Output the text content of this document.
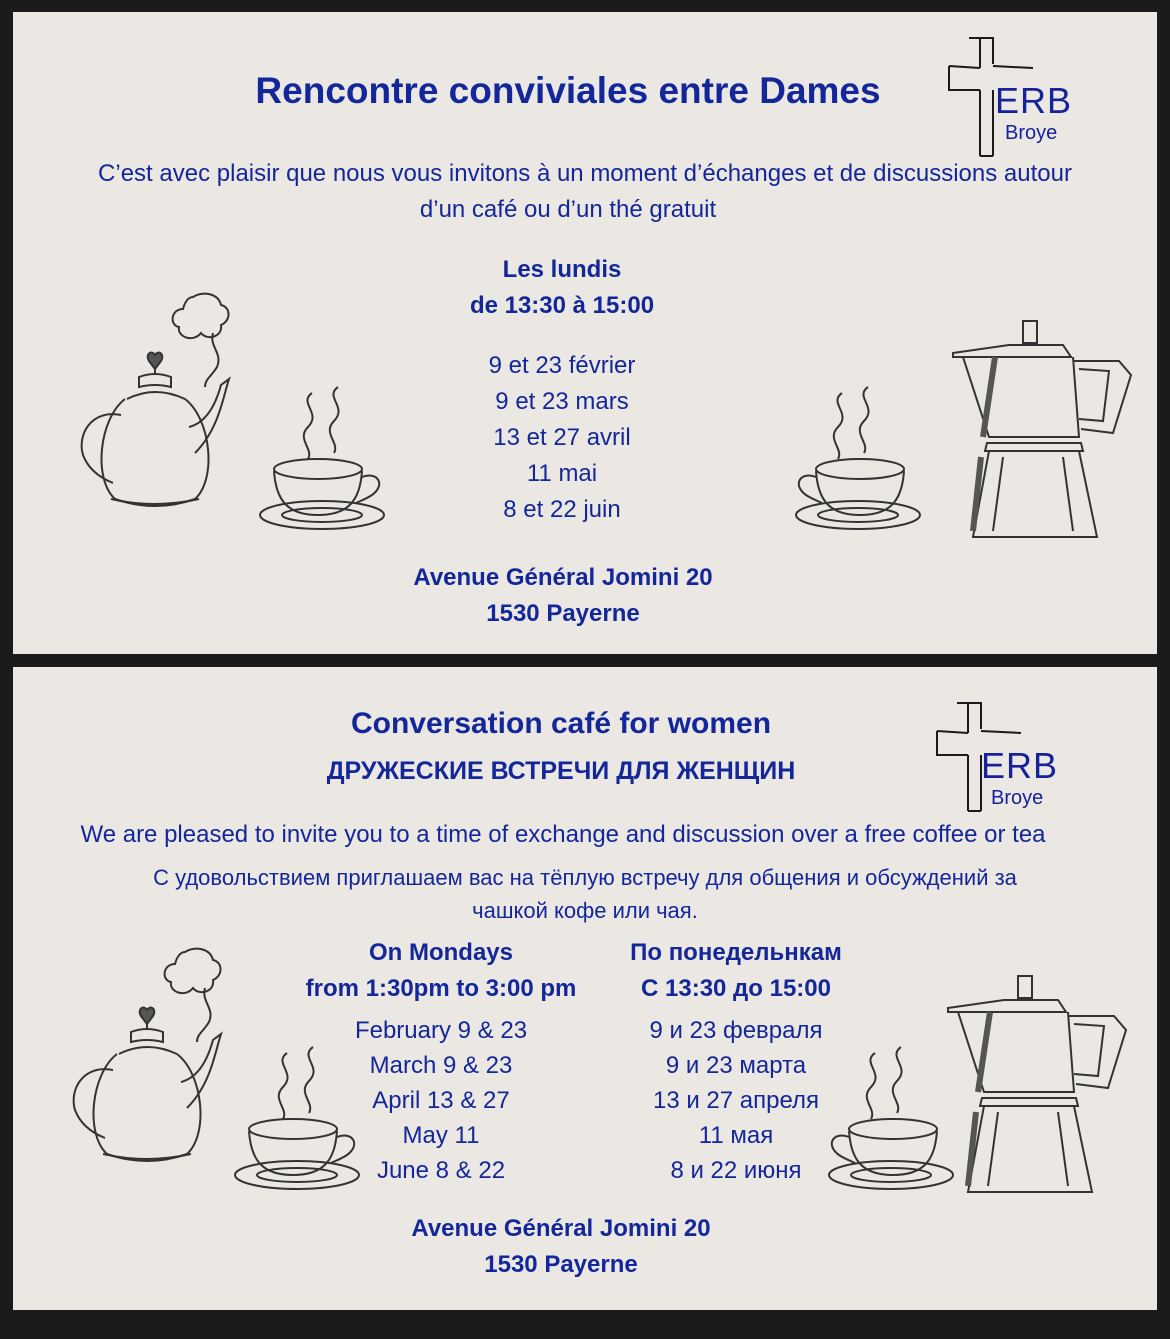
Rencontre conviviales entre Dames	ERB
Broye
C’est avec plaisir que nous vous invitons à un moment d’échanges et de discussions autour
d’un café ou d’un thé gratuit
Les lundis
de 13:30 à 15:00
9 et 23 février
9 et 23 mars
13 et 27 avril
11 mai
8 et 22 juin
Avenue Général Jomini 20
1530 Payerne
Conversation café for women
ДРУЖЕСКИЕ ВСТРЕЧИ ДЛЯ ЖЕНЩИН	ERB
Broye
We are pleased to invite you to a time of exchange and discussion over a free coffee or tea
С удовольствием приглашаем вас на тёплую встречу для общения и обсуждений за
чашкой кофе или чая.
On Mondays
from 1:30pm to 3:00 pm
February 9 & 23
March 9 & 23
April 13 & 27
May 11
June 8 & 22
По понедельнкам
С 13:30 до 15:00
9 и 23 февраля
9 и 23 марта
13 и 27 апреля
11 мая
8 и 22 июня
Avenue Général Jomini 20
1530 Payerne
